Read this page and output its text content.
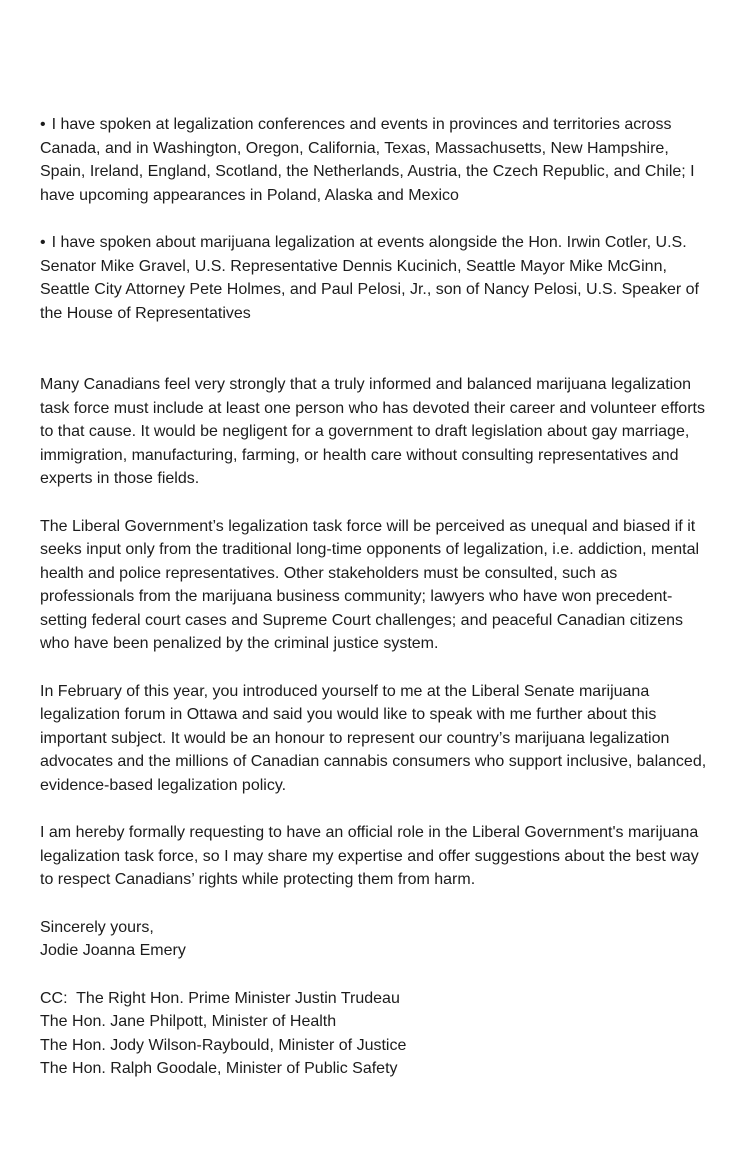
• I have spoken at legalization conferences and events in provinces and territories across Canada, and in Washington, Oregon, California, Texas, Massachusetts, New Hampshire, Spain, Ireland, England, Scotland, the Netherlands, Austria, the Czech Republic, and Chile; I have upcoming appearances in Poland, Alaska and Mexico

• I have spoken about marijuana legalization at events alongside the Hon. Irwin Cotler, U.S. Senator Mike Gravel, U.S. Representative Dennis Kucinich, Seattle Mayor Mike McGinn, Seattle City Attorney Pete Holmes, and Paul Pelosi, Jr., son of Nancy Pelosi, U.S. Speaker of the House of Representatives

Many Canadians feel very strongly that a truly informed and balanced marijuana legalization task force must include at least one person who has devoted their career and volunteer efforts to that cause. It would be negligent for a government to draft legislation about gay marriage, immigration, manufacturing, farming, or health care without consulting representatives and experts in those fields.

The Liberal Government’s legalization task force will be perceived as unequal and biased if it seeks input only from the traditional long-time opponents of legalization, i.e. addiction, mental health and police representatives. Other stakeholders must be consulted, such as professionals from the marijuana business community; lawyers who have won precedent-setting federal court cases and Supreme Court challenges; and peaceful Canadian citizens who have been penalized by the criminal justice system.

In February of this year, you introduced yourself to me at the Liberal Senate marijuana legalization forum in Ottawa and said you would like to speak with me further about this important subject. It would be an honour to represent our country’s marijuana legalization advocates and the millions of Canadian cannabis consumers who support inclusive, balanced, evidence-based legalization policy.

I am hereby formally requesting to have an official role in the Liberal Government's marijuana legalization task force, so I may share my expertise and offer suggestions about the best way to respect Canadians’ rights while protecting them from harm.

Sincerely yours,

Jodie Joanna Emery

CC:  The Right Hon. Prime Minister Justin Trudeau

The Hon. Jane Philpott, Minister of Health

The Hon. Jody Wilson-Raybould, Minister of Justice

The Hon. Ralph Goodale, Minister of Public Safety
